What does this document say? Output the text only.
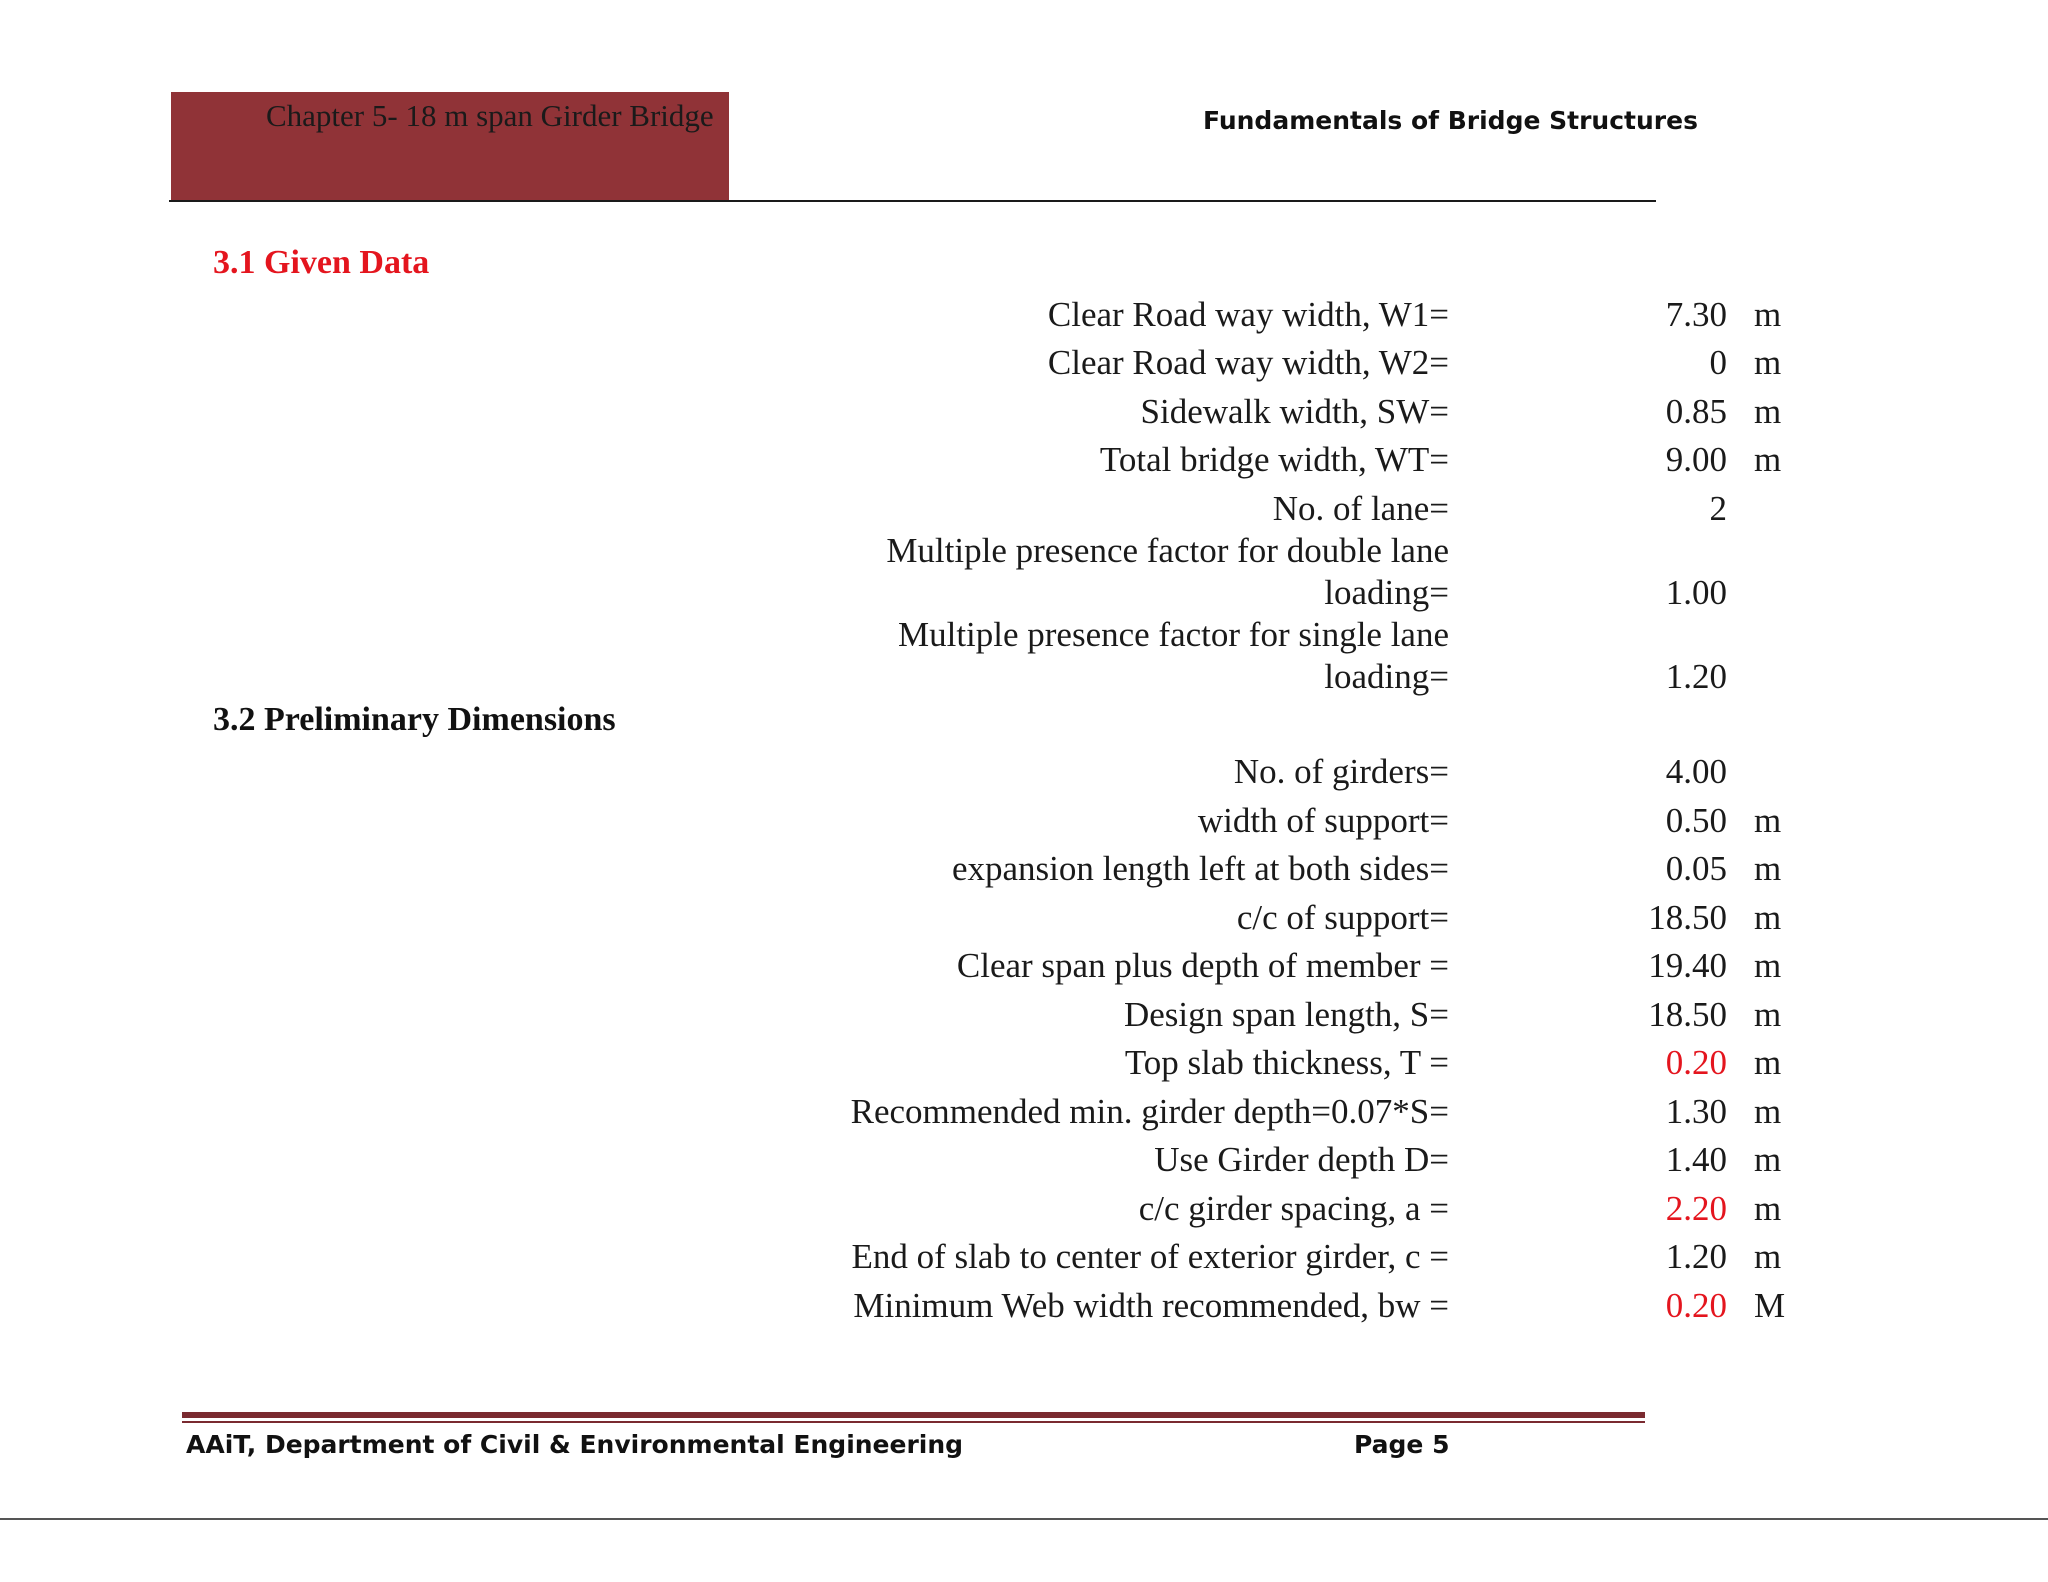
Chapter 5- 18 m span Girder Bridge	Fundamentals of Bridge Structures
3.1 Given Data
Clear Road way width, W1=	7.30 m
Clear Road way width, W2=	0 m
Sidewalk width, SW=	0.85 m
Total bridge width, WT=	9.00 m
No. of lane=	2
Multiple presence factor for double lane
loading=	1.00
Multiple presence factor for single lane
loading=	1.20
3.2 Preliminary Dimensions
No. of girders=	4.00
width of support=	0.50 m
expansion length left at both sides=	0.05 m
c/c of support=	18.50 m
Clear span plus depth of member =	19.40 m
Design span length, S=	18.50 m
Top slab thickness, T =	0.20 m
Recommended min. girder depth=0.07*S=	1.30 m
Use Girder depth D=	1.40 m
c/c girder spacing, a =	2.20 m
End of slab to center of exterior girder, c =	1.20 m
Minimum Web width recommended, bw =	0.20 M
AAiT, Department of Civil & Environmental Engineering	Page 5
